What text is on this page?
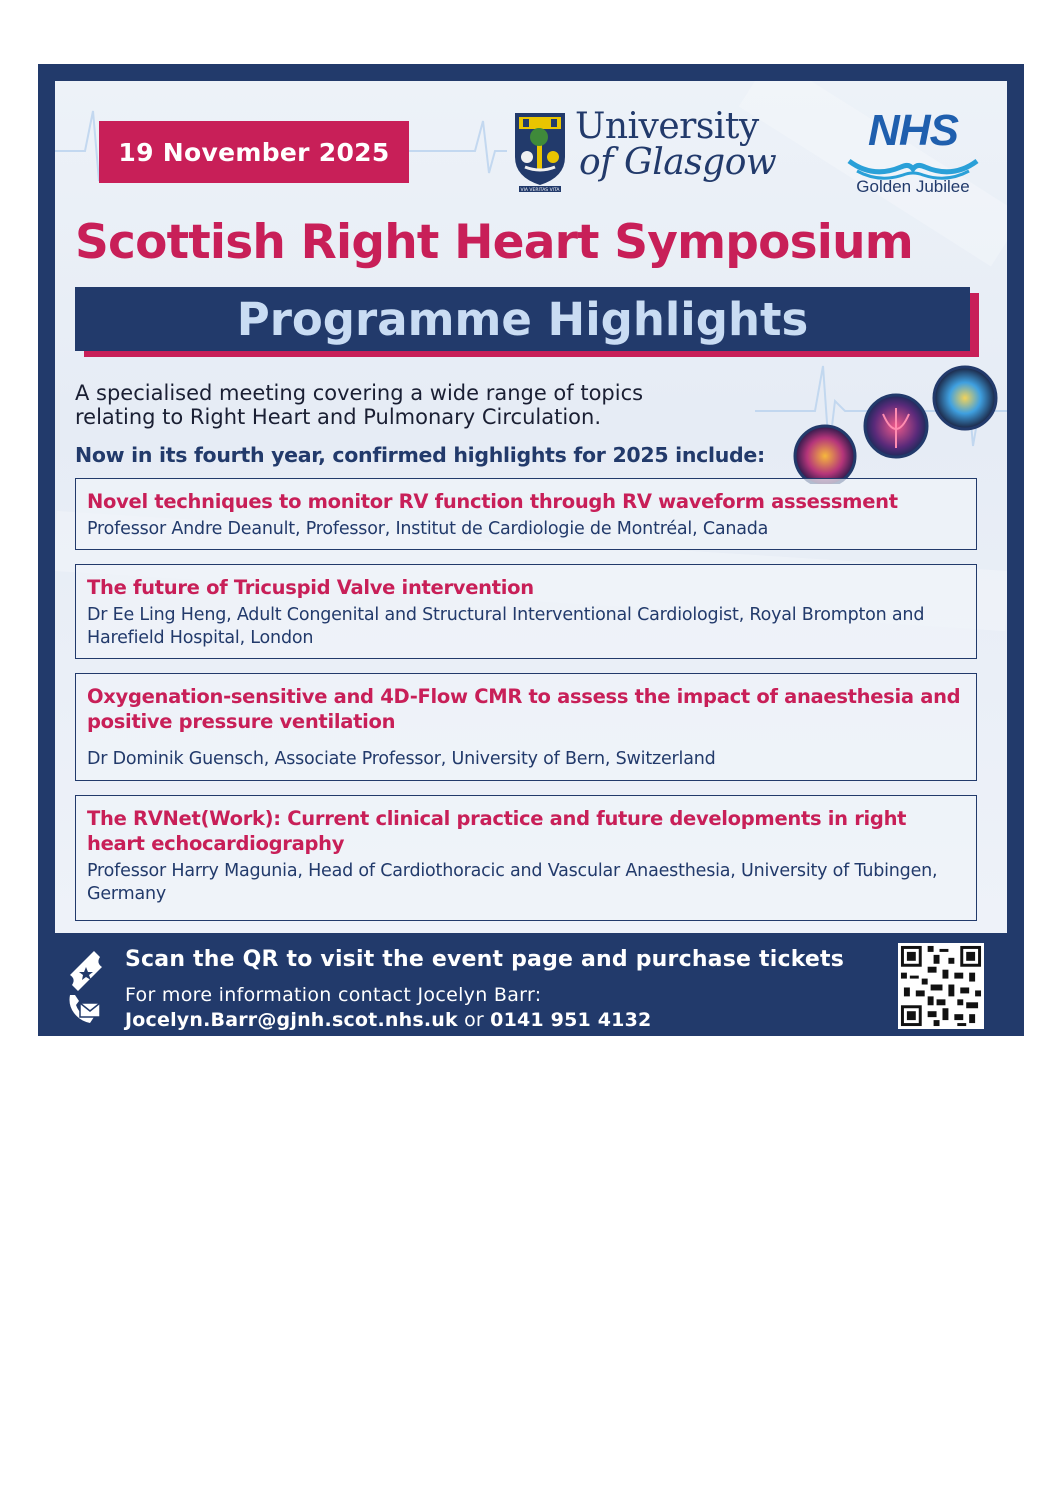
19 November 2025
VIA VERITAS VITA
University
of Glasgow
NHS
Golden Jubilee
Scottish Right Heart Symposium
Programme Highlights
A specialised meeting covering a wide range of topics relating to Right Heart and Pulmonary Circulation.
Now in its fourth year, confirmed highlights for 2025 include:
Novel techniques to monitor RV function through RV waveform assessment
Professor Andre Deanult, Professor, Institut de Cardiologie de Montréal, Canada
The future of Tricuspid Valve intervention
Dr Ee Ling Heng, Adult Congenital and Structural Interventional Cardiologist, Royal Brompton and Harefield Hospital, London
Oxygenation-sensitive and 4D-Flow CMR to assess the impact of anaesthesia and positive pressure ventilation
Dr Dominik Guensch, Associate Professor, University of Bern, Switzerland
The RVNet(Work): Current clinical practice and future developments in right heart echocardiography
Professor Harry Magunia, Head of Cardiothoracic and Vascular Anaesthesia, University of Tubingen, Germany
Scan the QR to visit the event page and purchase tickets
For more information contact Jocelyn Barr:
Jocelyn.Barr@gjnh.scot.nhs.uk or 0141 951 4132
